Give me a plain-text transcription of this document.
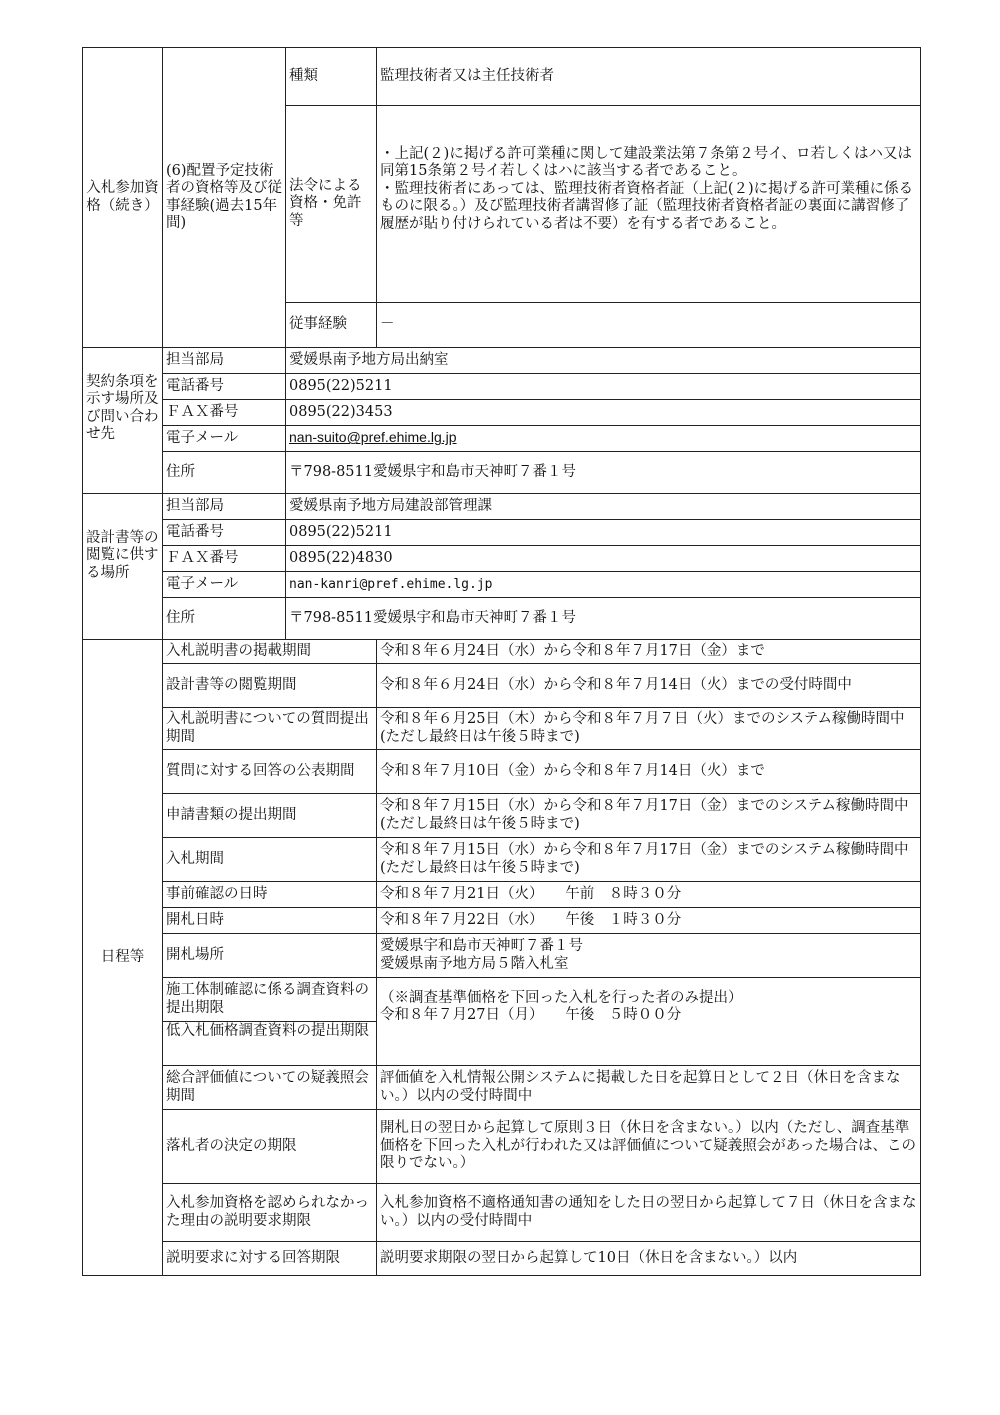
入札参加資格（続き）	(6)配置予定技術者の資格等及び従事経験(過去15年間)	種類	監理技術者又は主任技術者
		法令による資格・免許等	・上記(２)に掲げる許可業種に関して建設業法第７条第２号イ、ロ若しくはハ又は同第15条第２号イ若しくはハに該当する者であること。
・監理技術者にあっては、監理技術者資格者証（上記(２)に掲げる許可業種に係るものに限る。）及び監理技術者講習修了証（監理技術者資格者証の裏面に講習修了履歴が貼り付けられている者は不要）を有する者であること。

		従事経験	－
契約条項を示す場所及び問い合わせ先	担当部局	愛媛県南予地方局出納室	
	電話番号	0895(22)5211	
	ＦＡＸ番号	0895(22)3453	
	電子メール	nan-suito@pref.ehime.lg.jp	
	住所	〒798-8511愛媛県宇和島市天神町７番１号	
設計書等の閲覧に供する場所	担当部局	愛媛県南予地方局建設部管理課	
	電話番号	0895(22)5211	
	ＦＡＸ番号	0895(22)4830	
	電子メール	nan-kanri@pref.ehime.lg.jp	
	住所	〒798-8511愛媛県宇和島市天神町７番１号	
日程等	入札説明書の掲載期間		令和８年６月24日（水）から令和８年７月17日（金）まで
	設計書等の閲覧期間		令和８年６月24日（水）から令和８年７月14日（火）までの受付時間中
	入札説明書についての質問提出期間		令和８年６月25日（木）から令和８年７月７日（火）までのシステム稼働時間中(ただし最終日は午後５時まで)
	質問に対する回答の公表期間		令和８年７月10日（金）から令和８年７月14日（火）まで
	申請書類の提出期間		令和８年７月15日（水）から令和８年７月17日（金）までのシステム稼働時間中(ただし最終日は午後５時まで)
	入札期間		令和８年７月15日（水）から令和８年７月17日（金）までのシステム稼働時間中(ただし最終日は午後５時まで)
	事前確認の日時		令和８年７月21日（火）　　午前　８時３０分
	開札日時		令和８年７月22日（水）　　午後　１時３０分
	開札場所		愛媛県宇和島市天神町７番１号
愛媛県南予地方局５階入札室

	施工体制確認に係る調査資料の提出期限		（※調査基準価格を下回った入札を行った者のみ提出）
令和８年７月27日（月）　　午後　５時００分

	低入札価格調査資料の提出期限		
	総合評価値についての疑義照会期間		評価値を入札情報公開システムに掲載した日を起算日として２日（休日を含まない。）以内の受付時間中
	落札者の決定の期限		開札日の翌日から起算して原則３日（休日を含まない。）以内（ただし、調査基準価格を下回った入札が行われた又は評価値について疑義照会があった場合は、この限りでない。）
	入札参加資格を認められなかった理由の説明要求期限		入札参加資格不適格通知書の通知をした日の翌日から起算して７日（休日を含まない。）以内の受付時間中
	説明要求に対する回答期限		説明要求期限の翌日から起算して10日（休日を含まない。）以内
